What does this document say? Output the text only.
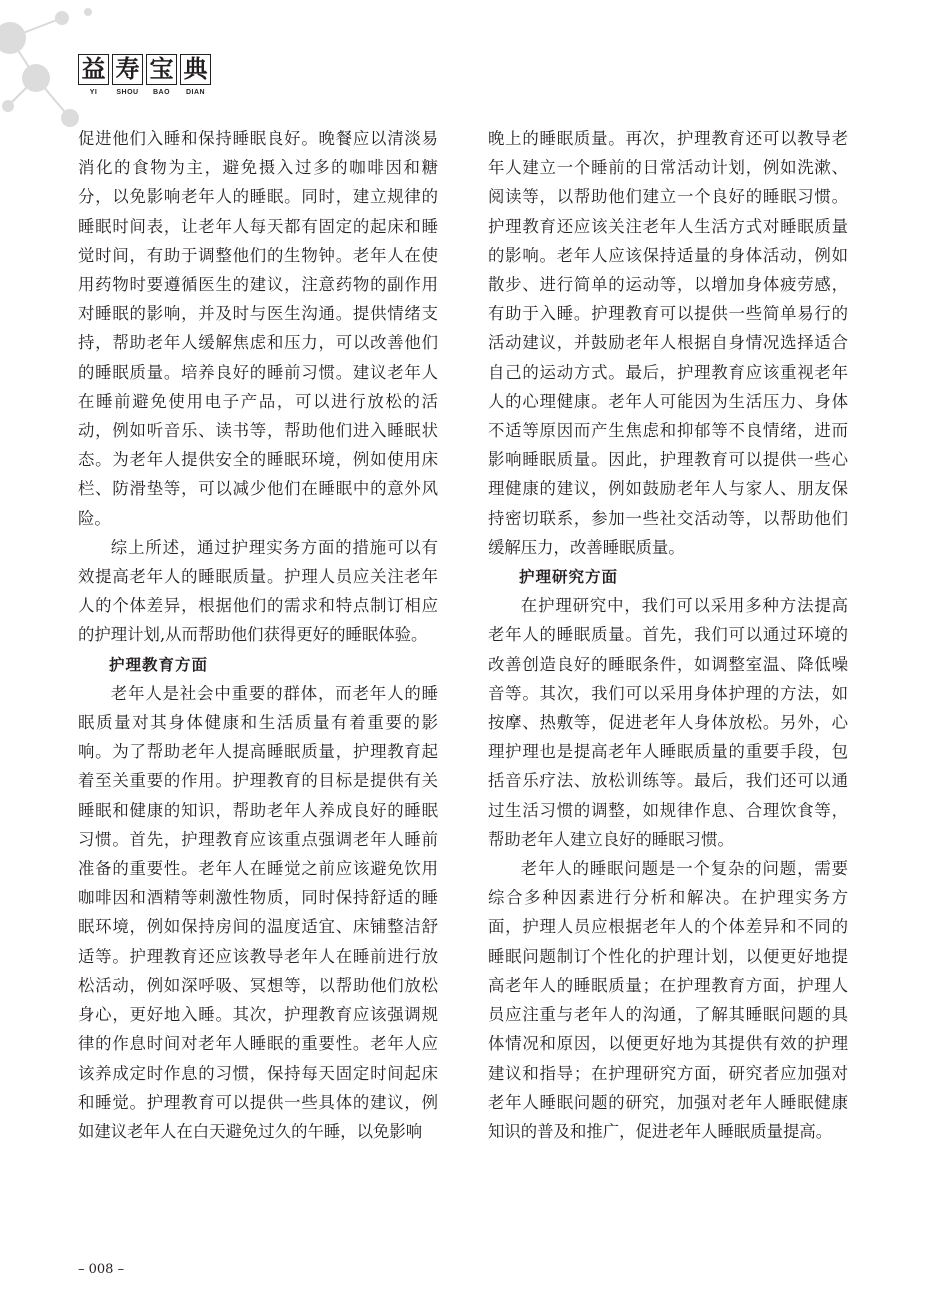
益 寿 宝 典
YI	SHOU	BAO	DIAN

促进他们入睡和保持睡眠良好。晚餐应以清淡易消化的食物为主，避免摄入过多的咖啡因和糖分，以免影响老年人的睡眠。同时，建立规律的睡眠时间表，让老年人每天都有固定的起床和睡觉时间，有助于调整他们的生物钟。老年人在使用药物时要遵循医生的建议，注意药物的副作用对睡眠的影响，并及时与医生沟通。提供情绪支持，帮助老年人缓解焦虑和压力，可以改善他们的睡眠质量。培养良好的睡前习惯。建议老年人在睡前避免使用电子产品，可以进行放松的活动，例如听音乐、读书等，帮助他们进入睡眠状态。为老年人提供安全的睡眠环境，例如使用床栏、防滑垫等，可以减少他们在睡眠中的意外风险。

综上所述，通过护理实务方面的措施可以有效提高老年人的睡眠质量。护理人员应关注老年人的个体差异，根据他们的需求和特点制订相应的护理计划,从而帮助他们获得更好的睡眠体验。

护理教育方面

老年人是社会中重要的群体，而老年人的睡眠质量对其身体健康和生活质量有着重要的影响。为了帮助老年人提高睡眠质量，护理教育起着至关重要的作用。护理教育的目标是提供有关睡眠和健康的知识，帮助老年人养成良好的睡眠习惯。首先，护理教育应该重点强调老年人睡前准备的重要性。老年人在睡觉之前应该避免饮用咖啡因和酒精等刺激性物质，同时保持舒适的睡眠环境，例如保持房间的温度适宜、床铺整洁舒适等。护理教育还应该教导老年人在睡前进行放松活动，例如深呼吸、冥想等，以帮助他们放松身心，更好地入睡。其次，护理教育应该强调规律的作息时间对老年人睡眠的重要性。老年人应该养成定时作息的习惯，保持每天固定时间起床和睡觉。护理教育可以提供一些具体的建议，例如建议老年人在白天避免过久的午睡，以免影响

晚上的睡眠质量。再次，护理教育还可以教导老年人建立一个睡前的日常活动计划，例如洗漱、阅读等，以帮助他们建立一个良好的睡眠习惯。护理教育还应该关注老年人生活方式对睡眠质量的影响。老年人应该保持适量的身体活动，例如散步、进行简单的运动等，以增加身体疲劳感，有助于入睡。护理教育可以提供一些简单易行的活动建议，并鼓励老年人根据自身情况选择适合自己的运动方式。最后，护理教育应该重视老年人的心理健康。老年人可能因为生活压力、身体不适等原因而产生焦虑和抑郁等不良情绪，进而影响睡眠质量。因此，护理教育可以提供一些心理健康的建议，例如鼓励老年人与家人、朋友保持密切联系，参加一些社交活动等，以帮助他们缓解压力，改善睡眠质量。

护理研究方面

在护理研究中，我们可以采用多种方法提高老年人的睡眠质量。首先，我们可以通过环境的改善创造良好的睡眠条件，如调整室温、降低噪音等。其次，我们可以采用身体护理的方法，如按摩、热敷等，促进老年人身体放松。另外，心理护理也是提高老年人睡眠质量的重要手段，包括音乐疗法、放松训练等。最后，我们还可以通过生活习惯的调整，如规律作息、合理饮食等，帮助老年人建立良好的睡眠习惯。

老年人的睡眠问题是一个复杂的问题，需要综合多种因素进行分析和解决。在护理实务方面，护理人员应根据老年人的个体差异和不同的睡眠问题制订个性化的护理计划，以便更好地提高老年人的睡眠质量；在护理教育方面，护理人员应注重与老年人的沟通，了解其睡眠问题的具体情况和原因，以便更好地为其提供有效的护理建议和指导；在护理研究方面，研究者应加强对老年人睡眠问题的研究，加强对老年人睡眠健康知识的普及和推广，促进老年人睡眠质量提高。

– 008 –
